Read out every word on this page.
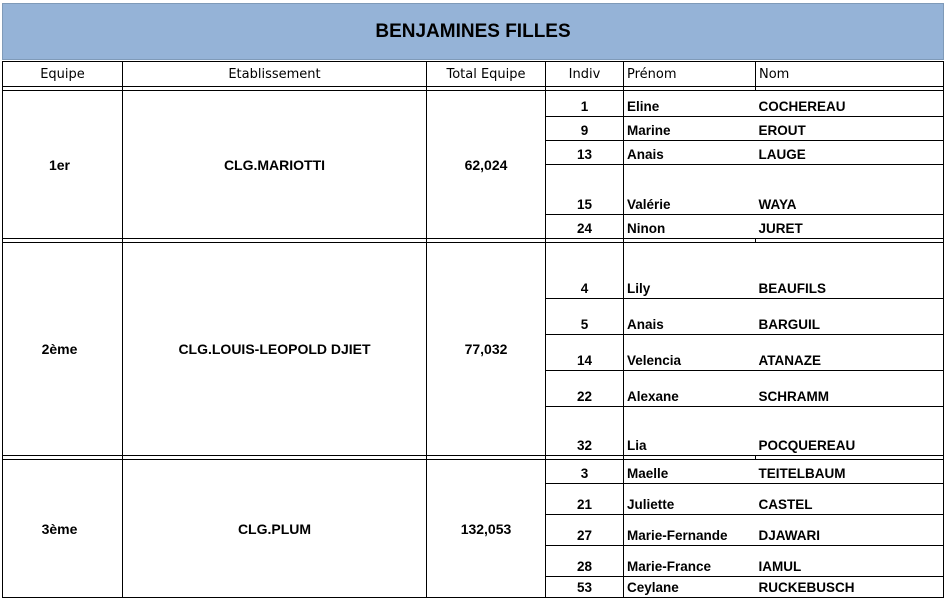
BENJAMINES FILLES
Equipe	Etablissement	Total Equipe	Indiv	Prénom	Nom

1er	CLG.MARIOTTI	62,024	1	Eline	COCHEREAU
			9	Marine	EROUT
			13	Anais	LAUGE
			15	Valérie	WAYA
			24	Ninon	JURET

2ème	CLG.LOUIS-LEOPOLD DJIET	77,032	4	Lily	BEAUFILS
			5	Anais	BARGUIL
			14	Velencia	ATANAZE
			22	Alexane	SCHRAMM
			32	Lia	POCQUEREAU

3ème	CLG.PLUM	132,053	3	Maelle	TEITELBAUM
			21	Juliette	CASTEL
			27	Marie-Fernande	DJAWARI
			28	Marie-France	IAMUL
			53	Ceylane	RUCKEBUSCH
